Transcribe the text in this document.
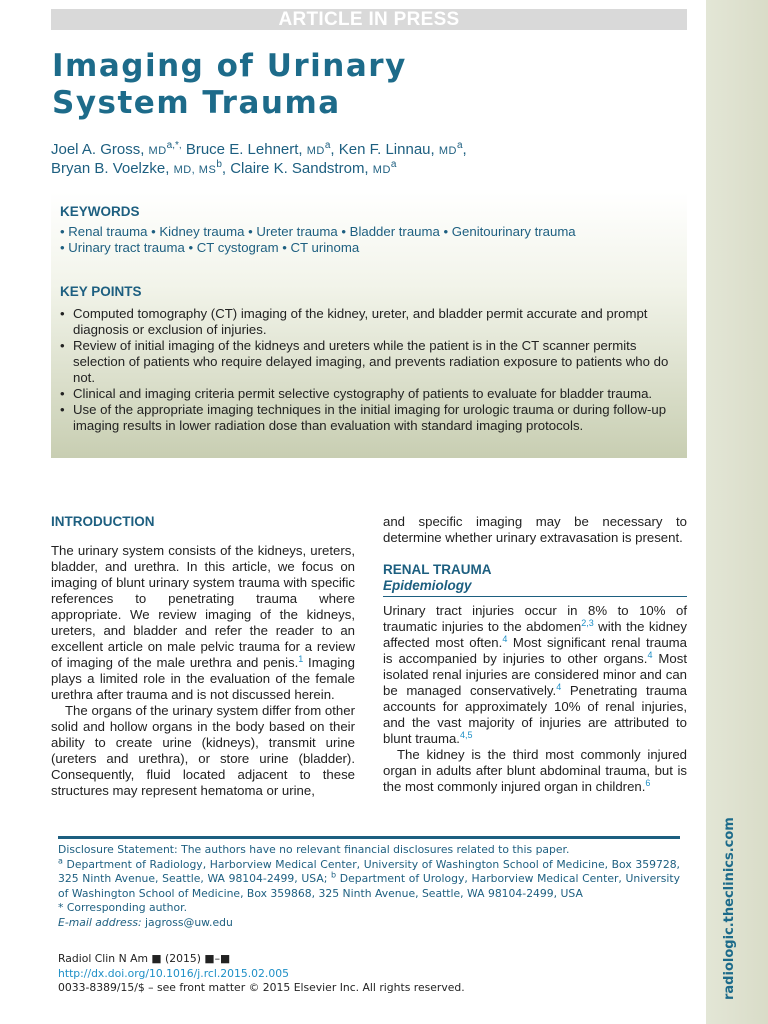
radiologic.theclinics.com
ARTICLE IN PRESS
Imaging of Urinary
System Trauma
Joel A. Gross, $MD^{a,*,}$ Bruce E. Lehnert, $MD^a$, Ken F. Linnau, $MD^a$,
Bryan B. Voelzke, MD, $MS^b$, Claire K. Sandstrom, $MD^a$
KEYWORDS
• Renal trauma • Kidney trauma • Ureter trauma • Bladder trauma • Genitourinary trauma
• Urinary tract trauma • CT cystogram • CT urinoma
KEY POINTS
• Computed tomography (CT) imaging of the kidney, ureter, and bladder permit accurate and prompt diagnosis or exclusion of injuries.
• Review of initial imaging of the kidneys and ureters while the patient is in the CT scanner permits selection of patients who require delayed imaging, and prevents radiation exposure to patients who do not.
• Clinical and imaging criteria permit selective cystography of patients to evaluate for bladder trauma.
• Use of the appropriate imaging techniques in the initial imaging for urologic trauma or during follow-up imaging results in lower radiation dose than evaluation with standard imaging protocols.
INTRODUCTION

The urinary system consists of the kidneys, ureters, bladder, and urethra. In this article, we focus on imaging of blunt urinary system trauma with specific references to penetrating trauma where appropriate. We review imaging of the kidneys, ureters, and bladder and refer the reader to an excellent article on male pelvic trauma for a review of imaging of the male urethra and penis.$^1$ Imaging plays a limited role in the evaluation of the female urethra after trauma and is not discussed herein.

The organs of the urinary system differ from other solid and hollow organs in the body based on their ability to create urine (kidneys), transmit urine (ureters and urethra), or store urine (bladder). Consequently, fluid located adjacent to these structures may represent hematoma or urine,

and specific imaging may be necessary to determine whether urinary extravasation is present.

RENAL TRAUMA
Epidemiology

Urinary tract injuries occur in 8% to 10% of traumatic injuries to the abdomen$^{2,3}$ with the kidney affected most often.$^4$ Most significant renal trauma is accompanied by injuries to other organs.$^4$ Most isolated renal injuries are considered minor and can be managed conservatively.$^4$ Penetrating trauma accounts for approximately 10% of renal injuries, and the vast majority of injuries are attributed to blunt trauma.$^{4,5}$

The kidney is the third most commonly injured organ in adults after blunt abdominal trauma, but is the most commonly injured organ in children.$^6$

Disclosure Statement: The authors have no relevant financial disclosures related to this paper.

$^a$ Department of Radiology, Harborview Medical Center, University of Washington School of Medicine, Box 359728, 325 Ninth Avenue, Seattle, WA 98104-2499, USA; $^b$ Department of Urology, Harborview Medical Center, University of Washington School of Medicine, Box 359868, 325 Ninth Avenue, Seattle, WA 98104-2499, USA

* Corresponding author.

E-mail address: jagross@uw.edu

Radiol Clin N Am ■ (2015) ■–■
http://dx.doi.org/10.1016/j.rcl.2015.02.005
0033-8389/15/$ – see front matter © 2015 Elsevier Inc. All rights reserved.
